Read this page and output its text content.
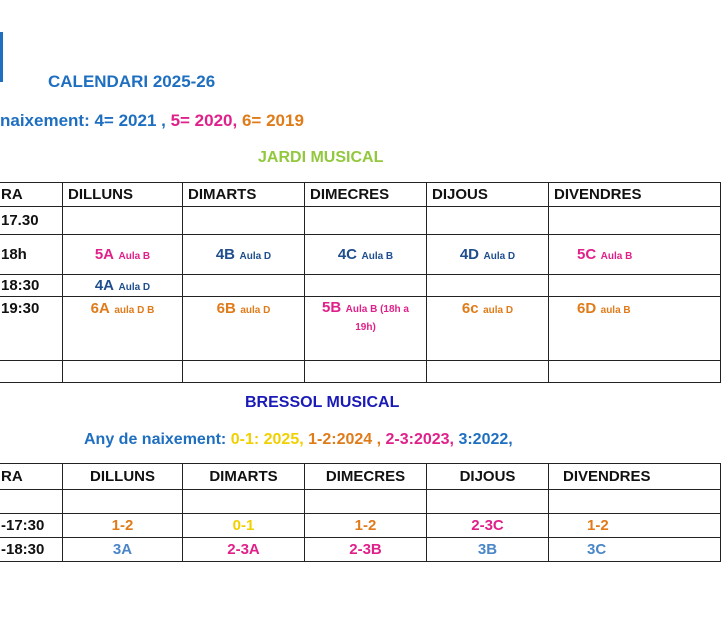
CALENDARI 2025-26
naixement: 4= 2021 , 5= 2020, 6= 2019
JARDI MUSICAL
RA	DILLUNS	DIMARTS	DIMECRES	DIJOUS	DIVENDRES
17.30					
18h	5A Aula B	4B Aula D	4C Aula B	4D Aula D	5C Aula B
18:30	4A Aula D				
19:30	6A aula D B	6B aula D	5B Aula B (18h a 19h)	6c aula D	6D aula B

BRESSOL MUSICAL
Any de naixement: 0-1: 2025, 1-2:2024 , 2-3:2023, 3:2022,
RA	DILLUNS	DIMARTS	DIMECRES	DIJOUS	DIVENDRES

-17:30	1-2	0-1	1-2	2-3C	1-2
-18:30	3A	2-3A	2-3B	3B	3C
